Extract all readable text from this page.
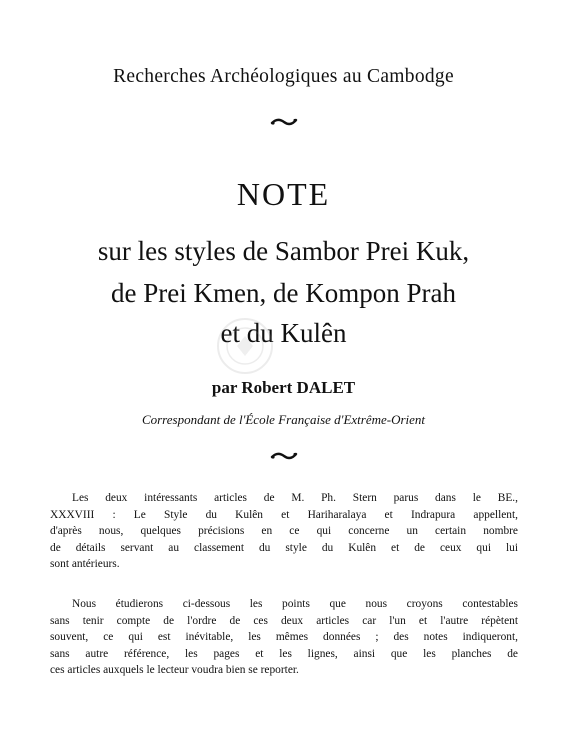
Recherches Archéologiques au Cambodge
NOTE
sur les styles de Sambor Prei Kuk,
de Prei Kmen, de Kompon Prah
et du Kulên
par Robert DALET
Correspondant de l'École Française d'Extrême-Orient
Les deux intéressants articles de M. Ph. Stern parus dans le BE.,
XXXVIII : Le Style du Kulên et Hariharalaya et Indrapura appellent,
d'après nous, quelques précisions en ce qui concerne un certain nombre
de détails servant au classement du style du Kulên et de ceux qui lui
sont antérieurs.
Nous étudierons ci-dessous les points que nous croyons contestables
sans tenir compte de l'ordre de ces deux articles car l'un et l'autre répètent
souvent, ce qui est inévitable, les mêmes données ; des notes indiqueront,
sans autre référence, les pages et les lignes, ainsi que les planches de
ces articles auxquels le lecteur voudra bien se reporter.
